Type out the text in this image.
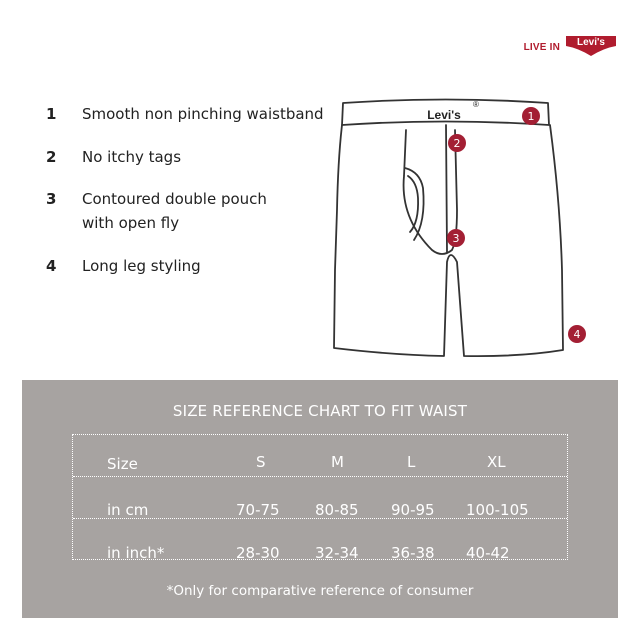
LIVE IN Levi's
1 Smooth non pinching waistband
2 No itchy tags
3 Contoured double pouch
with open fly
4 Long leg styling
Levi's
®
1
2
3
4
SIZE REFERENCE CHART TO FIT WAIST
Size	S	M	L	XL
in cm	70-75 80-85 90-95 100-105
in inch*	28-30 32-34 36-38 40-42
*Only for comparative reference of consumer
